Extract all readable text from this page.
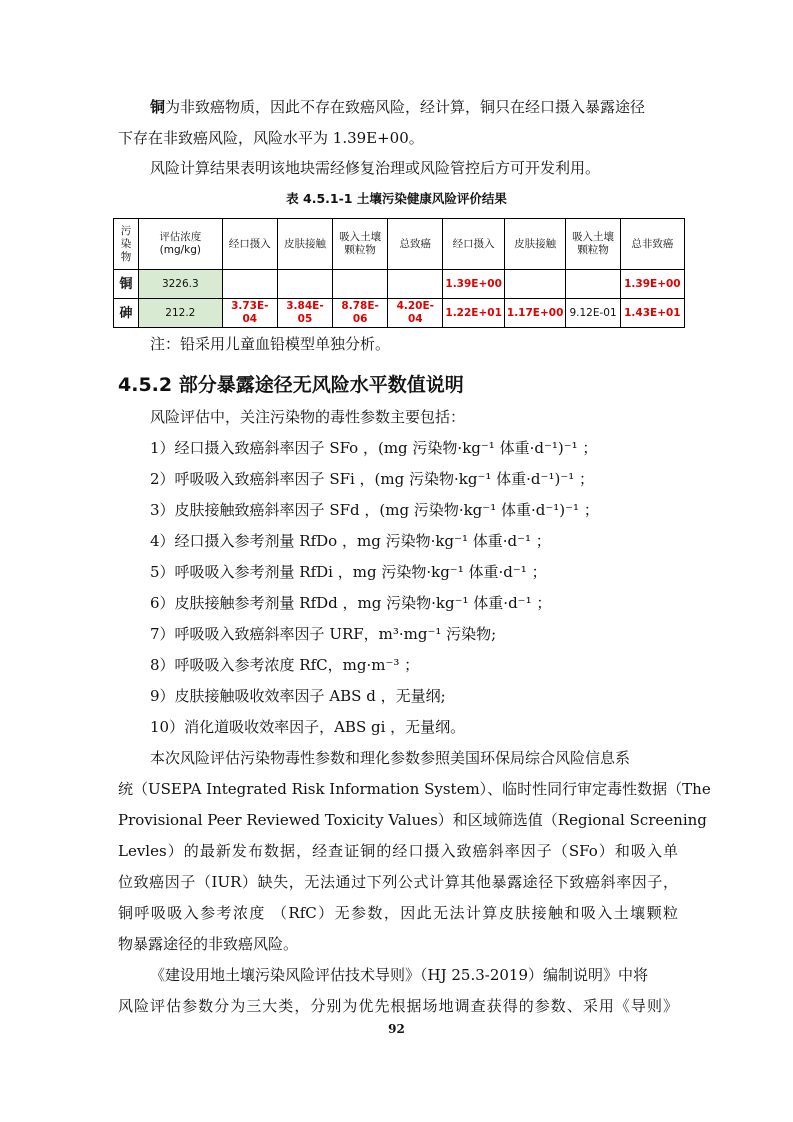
铜为非致癌物质，因此不存在致癌风险，经计算，铜只在经口摄入暴露途径
下存在非致癌风险，风险水平为 1.39E+00。
风险计算结果表明该地块需经修复治理或风险管控后方可开发利用。
表 4.5.1-1 土壤污染健康风险评价结果
污染物	评估浓度 (mg/kg)	经口摄入	皮肤接触	吸入土壤颗粒物	总致癌	经口摄入	皮肤接触	吸入土壤颗粒物	总非致癌
铜	3226.3					1.39E+00			1.39E+00
砷	212.2	3.73E-04	3.84E-05	8.78E-06	4.20E-04	1.22E+01	1.17E+00	9.12E-01	1.43E+01
注：铅采用儿童血铅模型单独分析。
4.5.2 部分暴露途径无风险水平数值说明
风险评估中，关注污染物的毒性参数主要包括：
1）经口摄入致癌斜率因子 SFo ，(mg 污染物·kg⁻¹ 体重·d⁻¹)⁻¹ ；
2）呼吸吸入致癌斜率因子 SFi ，(mg 污染物·kg⁻¹ 体重·d⁻¹)⁻¹ ；
3）皮肤接触致癌斜率因子 SFd ，(mg 污染物·kg⁻¹ 体重·d⁻¹)⁻¹ ；
4）经口摄入参考剂量 RfDo ，mg 污染物·kg⁻¹ 体重·d⁻¹ ；
5）呼吸吸入参考剂量 RfDi ，mg 污染物·kg⁻¹ 体重·d⁻¹ ；
6）皮肤接触参考剂量 RfDd ，mg 污染物·kg⁻¹ 体重·d⁻¹ ；
7）呼吸吸入致癌斜率因子 URF，m³·mg⁻¹ 污染物;
8）呼吸吸入参考浓度 RfC，mg·m⁻³ ；
9）皮肤接触吸收效率因子 ABS d ，无量纲;
10）消化道吸收效率因子，ABS gi ，无量纲。
本次风险评估污染物毒性参数和理化参数参照美国环保局综合风险信息系
统（USEPA Integrated Risk Information System）、临时性同行审定毒性数据（The
Provisional Peer Reviewed Toxicity Values）和区域筛选值（Regional Screening
Levles）的最新发布数据，经查证铜的经口摄入致癌斜率因子（SFo）和吸入单
位致癌因子（IUR）缺失，无法通过下列公式计算其他暴露途径下致癌斜率因子，
铜呼吸吸入参考浓度 （RfC）无参数，因此无法计算皮肤接触和吸入土壤颗粒
物暴露途径的非致癌风险。
《建设用地土壤污染风险评估技术导则》（HJ 25.3-2019）编制说明》中将
风险评估参数分为三大类，分别为优先根据场地调查获得的参数、采用《导则》
92
